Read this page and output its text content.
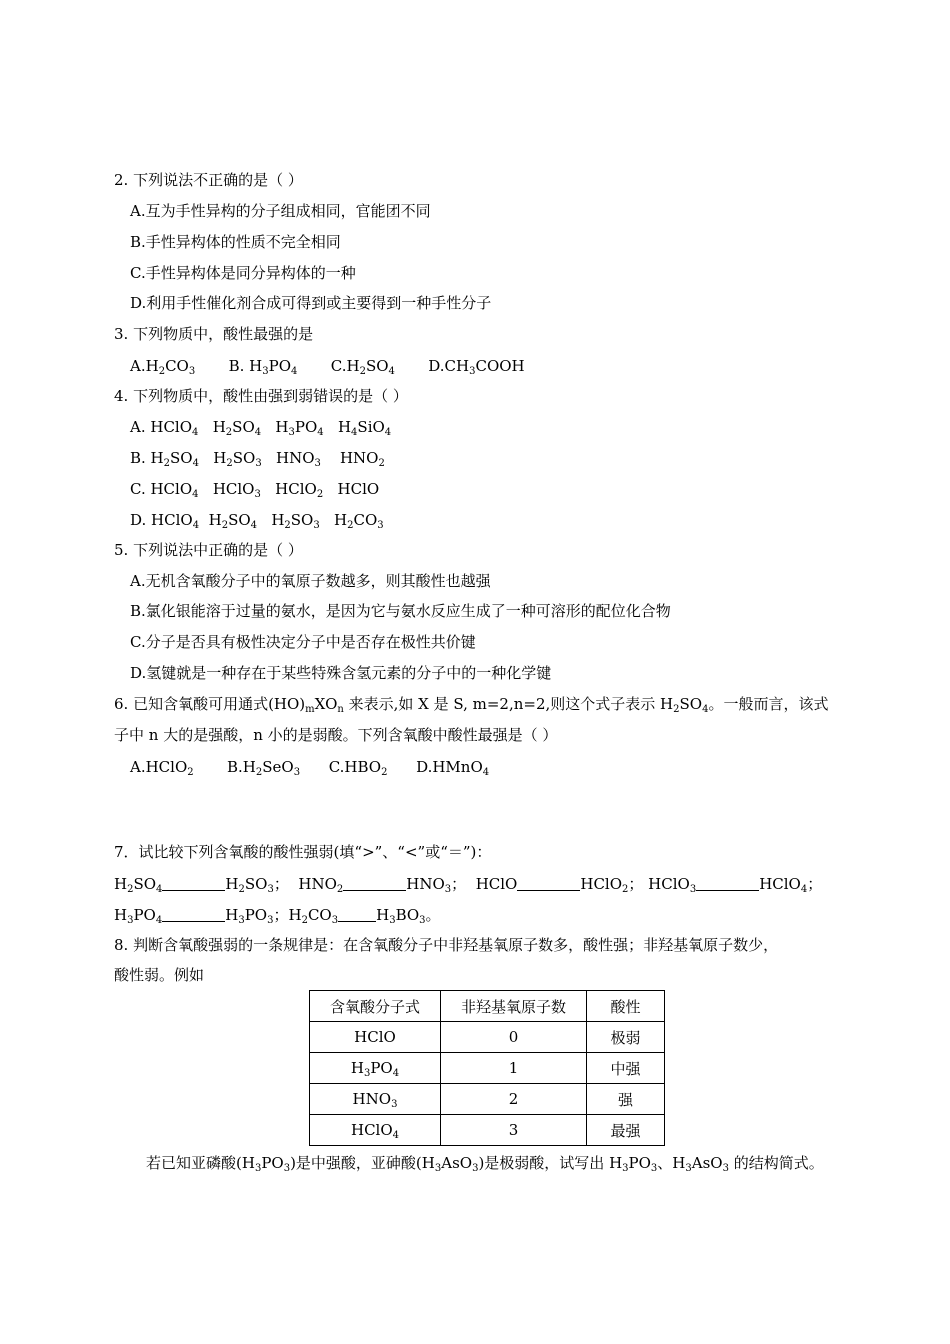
2. 下列说法不正确的是（ ）
A.互为手性异构的分子组成相同，官能团不同
B.手性异构体的性质不完全相同
C.手性异构体是同分异构体的一种
D.利用手性催化剂合成可得到或主要得到一种手性分子
3. 下列物质中，酸性最强的是
$A.H_2CO_3$       B. $H_3PO_4$       $C.H_2SO_4$       $D.CH_3COOH$
4. 下列物质中，酸性由强到弱错误的是（ ）
A. HClO$_4$   $H_2SO_4$   $H_3PO_4$   $H_4SiO_4$
B. $H_2SO_4$   $H_2SO_3$   $HNO_3$    $HNO_2$
C. HClO$_4$   HClO$_3$   HClO$_2$   HClO
D. HClO$_4$  $H_2SO_4$   $H_2SO_3$   $H_2CO_3$
5. 下列说法中正确的是（ ）
A.无机含氧酸分子中的氧原子数越多，则其酸性也越强
B.氯化银能溶于过量的氨水，是因为它与氨水反应生成了一种可溶形的配位化合物
C.分子是否具有极性决定分子中是否存在极性共价键
D.氢键就是一种存在于某些特殊含氢元素的分子中的一种化学键
6. 已知含氧酸可用通式$(HO)_mXO_n$ 来表示,如 X 是 S, m=2,n=2,则这个式子表示 $H_2SO_4$。一般而言，该式
子中 n 大的是强酸，n 小的是弱酸。下列含氧酸中酸性最强是（ ）
A.HClO$_2$       $B.H_2SeO_3$      $C.HBO_2$      D.HMnO$_4$
7．试比较下列含氧酸的酸性强弱(填“>”、“<”或“＝”)：
$H_2SO_4$	$H_2SO_3$；  $HNO_2$	$HNO_3$；  HClO	HClO$_2$； HClO$_3$	HClO$_4$；
$H_3PO_4$	$H_3PO_3$；$H_2CO_3$	$H_3BO_3$。
8. 判断含氧酸强弱的一条规律是：在含氧酸分子中非羟基氧原子数多，酸性强；非羟基氧原子数少，
酸性弱。例如
含氧酸分子式	非羟基氧原子数	酸性
HClO	0	极弱
$H_3PO_4$	1	中强
$HNO_3$	2	强
HClO$_4$	3	最强
若已知亚磷酸$(H_3PO_3)$是中强酸，亚砷酸$(H_3AsO_3)$是极弱酸，试写出 $H_3PO_3$、$H_3AsO_3$ 的结构简式。
